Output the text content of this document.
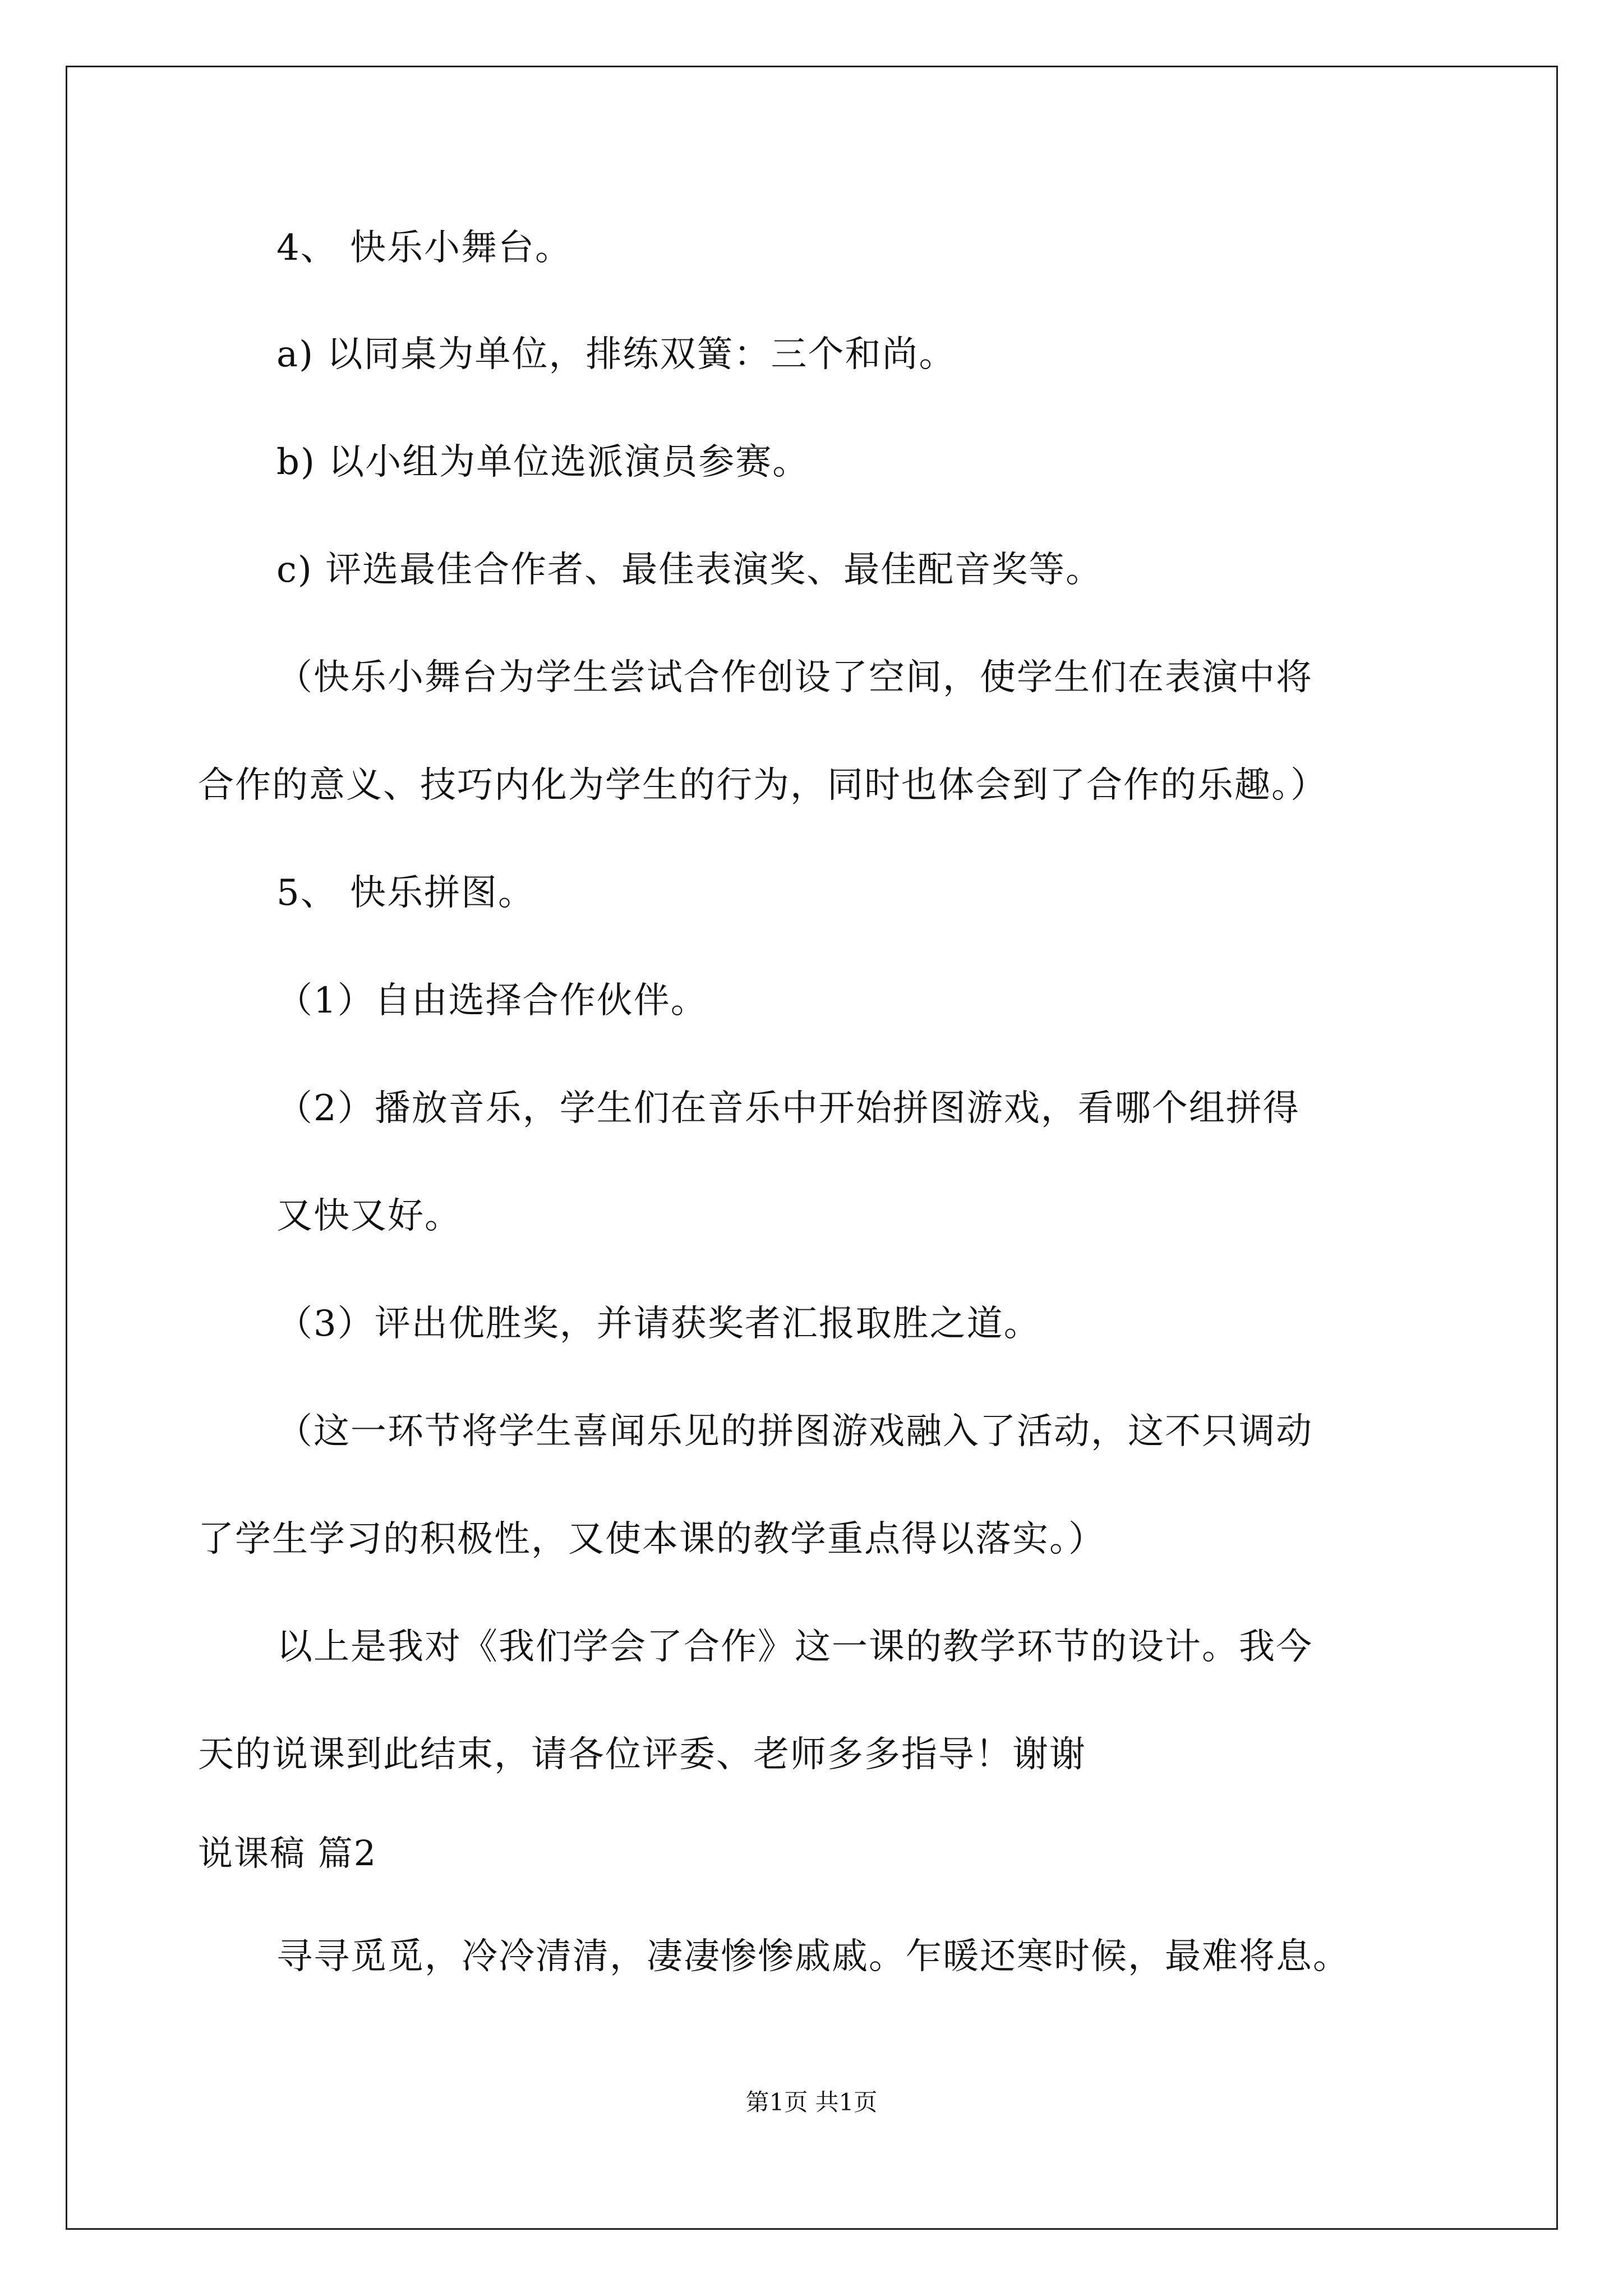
4、 快乐小舞台。
a) 以同桌为单位，排练双簧：三个和尚。
b) 以小组为单位选派演员参赛。
c) 评选最佳合作者、最佳表演奖、最佳配音奖等。
（快乐小舞台为学生尝试合作创设了空间，使学生们在表演中将
合作的意义、技巧内化为学生的行为，同时也体会到了合作的乐趣。）
5、 快乐拼图。
（1）自由选择合作伙伴。
（2）播放音乐，学生们在音乐中开始拼图游戏，看哪个组拼得
又快又好。
（3）评出优胜奖，并请获奖者汇报取胜之道。
（这一环节将学生喜闻乐见的拼图游戏融入了活动，这不只调动
了学生学习的积极性，又使本课的教学重点得以落实。）
以上是我对《我们学会了合作》这一课的教学环节的设计。我今
天的说课到此结束，请各位评委、老师多多指导！谢谢
说课稿 篇2
寻寻觅觅，冷冷清清，凄凄惨惨戚戚。乍暖还寒时候，最难将息。
第1页 共1页
